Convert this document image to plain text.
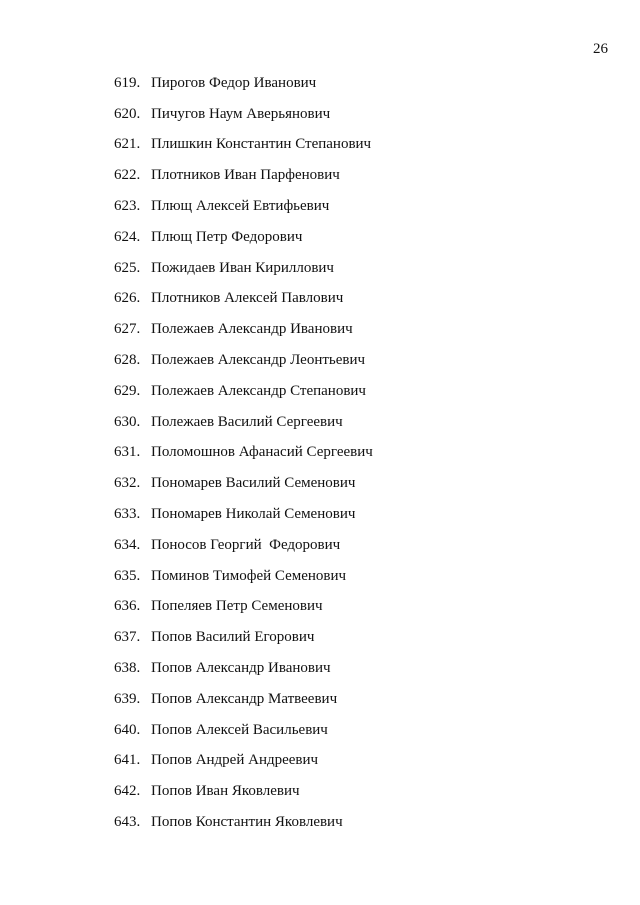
26
619. Пирогов Федор Иванович
620. Пичугов Наум Аверьянович
621. Плишкин Константин Степанович
622. Плотников Иван Парфенович
623. Плющ Алексей Евтифьевич
624. Плющ Петр Федорович
625. Пожидаев Иван Кириллович
626. Плотников Алексей Павлович
627. Полежаев Александр Иванович
628. Полежаев Александр Леонтьевич
629. Полежаев Александр Степанович
630. Полежаев Василий Сергеевич
631. Поломошнов Афанасий Сергеевич
632. Пономарев Василий Семенович
633. Пономарев Николай Семенович
634. Поносов Георгий  Федорович
635. Поминов Тимофей Семенович
636. Попеляев Петр Семенович
637. Попов Василий Егорович
638. Попов Александр Иванович
639. Попов Александр Матвеевич
640. Попов Алексей Васильевич
641. Попов Андрей Андреевич
642. Попов Иван Яковлевич
643. Попов Константин Яковлевич
